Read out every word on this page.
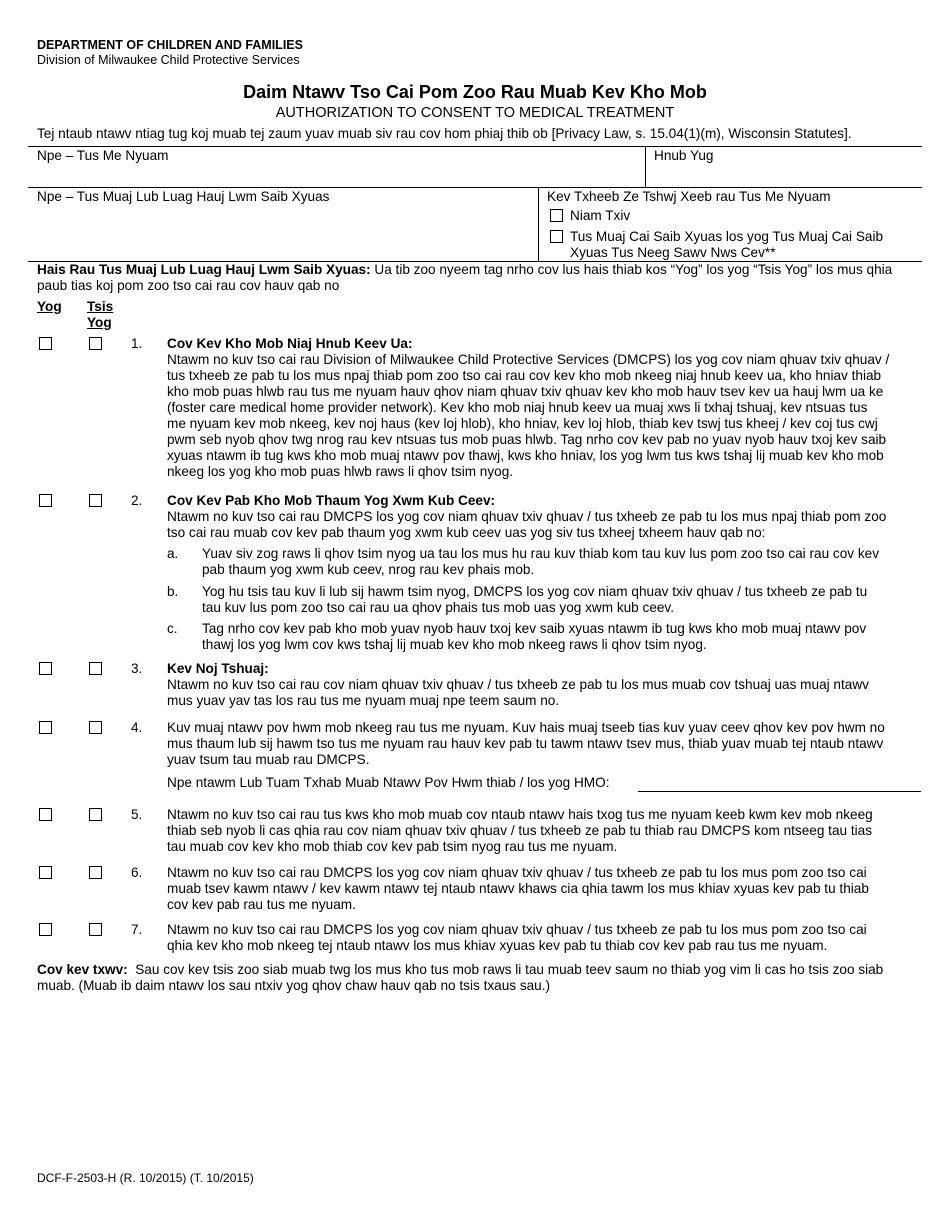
DEPARTMENT OF CHILDREN AND FAMILIES
Division of Milwaukee Child Protective Services
Daim Ntawv Tso Cai Pom Zoo Rau Muab Kev Kho Mob
AUTHORIZATION TO CONSENT TO MEDICAL TREATMENT
Tej ntaub ntawv ntiag tug koj muab tej zaum yuav muab siv rau cov hom phiaj thib ob [Privacy Law, s. 15.04(1)(m), Wisconsin Statutes].
Npe – Tus Me Nyuam	Hnub Yug
Npe – Tus Muaj Lub Luag Hauj Lwm Saib Xyuas	Kev Txheeb Ze Tshwj Xeeb rau Tus Me Nyuam
Niam Txiv
Tus Muaj Cai Saib Xyuas los yog Tus Muaj Cai Saib Xyuas Tus Neeg Sawv Nws Cev**
Hais Rau Tus Muaj Lub Luag Hauj Lwm Saib Xyuas: Ua tib zoo nyeem tag nrho cov lus hais thiab kos “Yog” los yog “Tsis Yog” los mus qhia paub tias koj pom zoo tso cai rau cov hauv qab no
Yog Tsis
Yog
1. Cov Kev Kho Mob Niaj Hnub Keev Ua:
Ntawm no kuv tso cai rau Division of Milwaukee Child Protective Services (DMCPS) los yog cov niam qhuav txiv qhuav /
tus txheeb ze pab tu los mus npaj thiab pom zoo tso cai rau cov kev kho mob nkeeg niaj hnub keev ua, kho hniav thiab
kho mob puas hlwb rau tus me nyuam hauv qhov niam qhuav txiv qhuav kev kho mob hauv tsev kev ua hauj lwm ua ke
(foster care medical home provider network). Kev kho mob niaj hnub keev ua muaj xws li txhaj tshuaj, kev ntsuas tus
me nyuam kev mob nkeeg, kev noj haus (kev loj hlob), kho hniav, kev loj hlob, thiab kev tswj tus kheej / kev coj tus cwj
pwm seb nyob qhov twg nrog rau kev ntsuas tus mob puas hlwb. Tag nrho cov kev pab no yuav nyob hauv txoj kev saib
xyuas ntawm ib tug kws kho mob muaj ntawv pov thawj, kws kho hniav, los yog lwm tus kws tshaj lij muab kev kho mob
nkeeg los yog kho mob puas hlwb raws li qhov tsim nyog.
2. Cov Kev Pab Kho Mob Thaum Yog Xwm Kub Ceev:
Ntawm no kuv tso cai rau DMCPS los yog cov niam qhuav txiv qhuav / tus txheeb ze pab tu los mus npaj thiab pom zoo
tso cai rau muab cov kev pab thaum yog xwm kub ceev uas yog siv tus txheej txheem hauv qab no:
a. Yuav siv zog raws li qhov tsim nyog ua tau los mus hu rau kuv thiab kom tau kuv lus pom zoo tso cai rau cov kev
pab thaum yog xwm kub ceev, nrog rau kev phais mob.
b. Yog hu tsis tau kuv li lub sij hawm tsim nyog, DMCPS los yog cov niam qhuav txiv qhuav / tus txheeb ze pab tu
tau kuv lus pom zoo tso cai rau ua qhov phais tus mob uas yog xwm kub ceev.
c. Tag nrho cov kev pab kho mob yuav nyob hauv txoj kev saib xyuas ntawm ib tug kws kho mob muaj ntawv pov
thawj los yog lwm cov kws tshaj lij muab kev kho mob nkeeg raws li qhov tsim nyog.
3. Kev Noj Tshuaj:
Ntawm no kuv tso cai rau cov niam qhuav txiv qhuav / tus txheeb ze pab tu los mus muab cov tshuaj uas muaj ntawv
mus yuav yav tas los rau tus me nyuam muaj npe teem saum no.
4. Kuv muaj ntawv pov hwm mob nkeeg rau tus me nyuam. Kuv hais muaj tseeb tias kuv yuav ceev qhov kev pov hwm no
mus thaum lub sij hawm tso tus me nyuam rau hauv kev pab tu tawm ntawv tsev mus, thiab yuav muab tej ntaub ntawv
yuav tsum tau muab rau DMCPS.
Npe ntawm Lub Tuam Txhab Muab Ntawv Pov Hwm thiab / los yog HMO:
5. Ntawm no kuv tso cai rau tus kws kho mob muab cov ntaub ntawv hais txog tus me nyuam keeb kwm kev mob nkeeg
thiab seb nyob li cas qhia rau cov niam qhuav txiv qhuav / tus txheeb ze pab tu thiab rau DMCPS kom ntseeg tau tias
tau muab cov kev kho mob thiab cov kev pab tsim nyog rau tus me nyuam.
6. Ntawm no kuv tso cai rau DMCPS los yog cov niam qhuav txiv qhuav / tus txheeb ze pab tu los mus pom zoo tso cai
muab tsev kawm ntawv / kev kawm ntawv tej ntaub ntawv khaws cia qhia tawm los mus khiav xyuas kev pab tu thiab
cov kev pab rau tus me nyuam.
7. Ntawm no kuv tso cai rau DMCPS los yog cov niam qhuav txiv qhuav / tus txheeb ze pab tu los mus pom zoo tso cai
qhia kev kho mob nkeeg tej ntaub ntawv los mus khiav xyuas kev pab tu thiab cov kev pab rau tus me nyuam.
Cov kev txwv: Sau cov kev tsis zoo siab muab twg los mus kho tus mob raws li tau muab teev saum no thiab yog vim li cas ho tsis zoo siab
muab. (Muab ib daim ntawv los sau ntxiv yog qhov chaw hauv qab no tsis txaus sau.)
DCF-F-2503-H (R. 10/2015) (T. 10/2015)
